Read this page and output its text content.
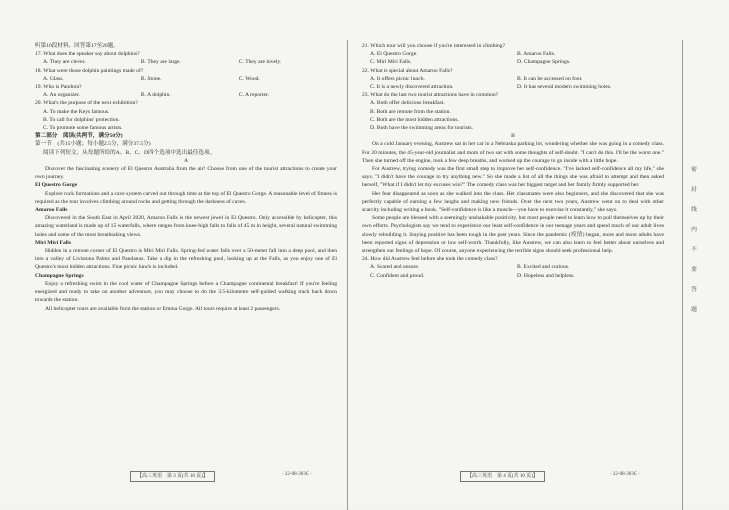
听第10段材料，回答第17至20题。

17. What does the speaker say about dolphins?

A. They are clever.	B. They are large.	C. They are lovely.

18. What were those dolphin paintings made of?

A. Glass.	B. Stone.	C. Wood.

19. Who is Pandora?

A. An organizer.	B. A dolphin.	C. A reporter.

20. What's the purpose of the next exhibition?

A. To make the Keys famous.

B. To call for dolphins' protection.

C. To promote some famous artists.

第二部分　阅读(共两节，满分50分)

第一节　(共15小题；每小题2.5分，满分37.5分)

阅读下列短文，从每题所给的A、B、C、D四个选项中选出最佳选项。

A

Discover the fascinating scenery of El Questro Australia from the air! Choose from one of the tourist attractions to create your own journey.

El Questro Gorge

Explore rock formations and a cave system carved out through time at the top of El Questro Gorge. A reasonable level of fitness is required as the tour involves climbing around rocks and getting through the darkness of caves.

Amaroo Falls

Discovered in the South East in April 2020, Amaroo Falls is the newest jewel in El Questro. Only accessible by helicopter, this amazing waterland is made up of 15 waterfalls, where ranges from knee-high falls to falls of 45 m in height, several natural swimming holes and some of the most breathtaking views.

Miri Miri Falls

Hidden in a remote corner of El Questro is Miri Miri Falls. Spring-fed water falls over a 50-meter fall into a deep pool, and then into a valley of Livistona Palms and Pandanus. Take a dip in the refreshing pool, looking up at the Falls, as you enjoy one of El Questro's most hidden attractions. Fine picnic lunch is included.

Champagne Springs

Enjoy a refreshing swim in the cool water of Champagne Springs before a Champagne continental breakfast! If you're feeling energized and ready to take on another adventure, you may choose to do the 3.5-kilometre self-guided walking track back down towards the station.

All helicopter tours are available from the station or Emma Gorge. All tours require at least 2 passengers.

【高三英语　第 3 页(共 10 页)】	· 22-08-303C ·

21. Which tour will you choose if you're interested in climbing?

A. El Questro Gorge.	B. Amaroo Falls.
C. Miri Miri Falls.	D. Champagne Springs.

22. What is special about Amaroo Falls?

A. It offers picnic lunch.	B. It can be accessed on foot.
C. It is a newly discovered attraction.	D. It has several modern swimming holes.

23. What do the last two tourist attractions have in common?

A. Both offer delicious breakfast.

B. Both are remote from the station.

C. Both are the most hidden attractions.

D. Both have the swimming areas for tourists.

B

On a cold January evening, Austrew sat in her car in a Nebraska parking lot, wondering whether she was going in a comedy class. For 20 minutes, the 45-year-old journalist and mom of two sat with some thoughts of self-doubt. "I can't do this. I'll be the worst one." Then she turned off the engine, took a few deep breaths, and worked up the courage to go inside with a little hope.

For Austrew, trying comedy was the first small step to improve her self-confidence. "I've lacked self-confidence all my life," she says. "I didn't have the courage to try anything new." So she made a list of all the things she was afraid to attempt and then asked herself, "What if I didn't let my excuses win?" The comedy class was her biggest target and her family firmly supported her.

Her fear disappeared as soon as she walked into the class. Her classmates were also beginners, and she discovered that she was perfectly capable of earning a few laughs and making new friends. Over the next two years, Austrew went on to deal with other scarcity including writing a book. "Self-confidence is like a muscle—you have to exercise it constantly," she says.

Some people are blessed with a seemingly unshakable positivity, but most people need to learn how to pull themselves up by their own efforts. Psychologists say we tend to experience our least self-confidence in our teenage years and spend much of our adult lives slowly rebuilding it. Staying positive has been tough in the past years. Since the pandemic (疫情) began, more and more adults have been reported signs of depression or low self-worth. Thankfully, like Austrew, we can also learn to feel better about ourselves and strengthen our feelings of hope. Of course, anyone experiencing the terrible signs should seek professional help.

24. How did Austrew feel before she took the comedy class?

A. Scared and unsure.	B. Excited and curious.
C. Confident and proud.	D. Hopeless and helpless.
【高三英语　第 4 页(共 10 页)】	· 22-08-303C ·
密
封
线
内
不
要
答
题
